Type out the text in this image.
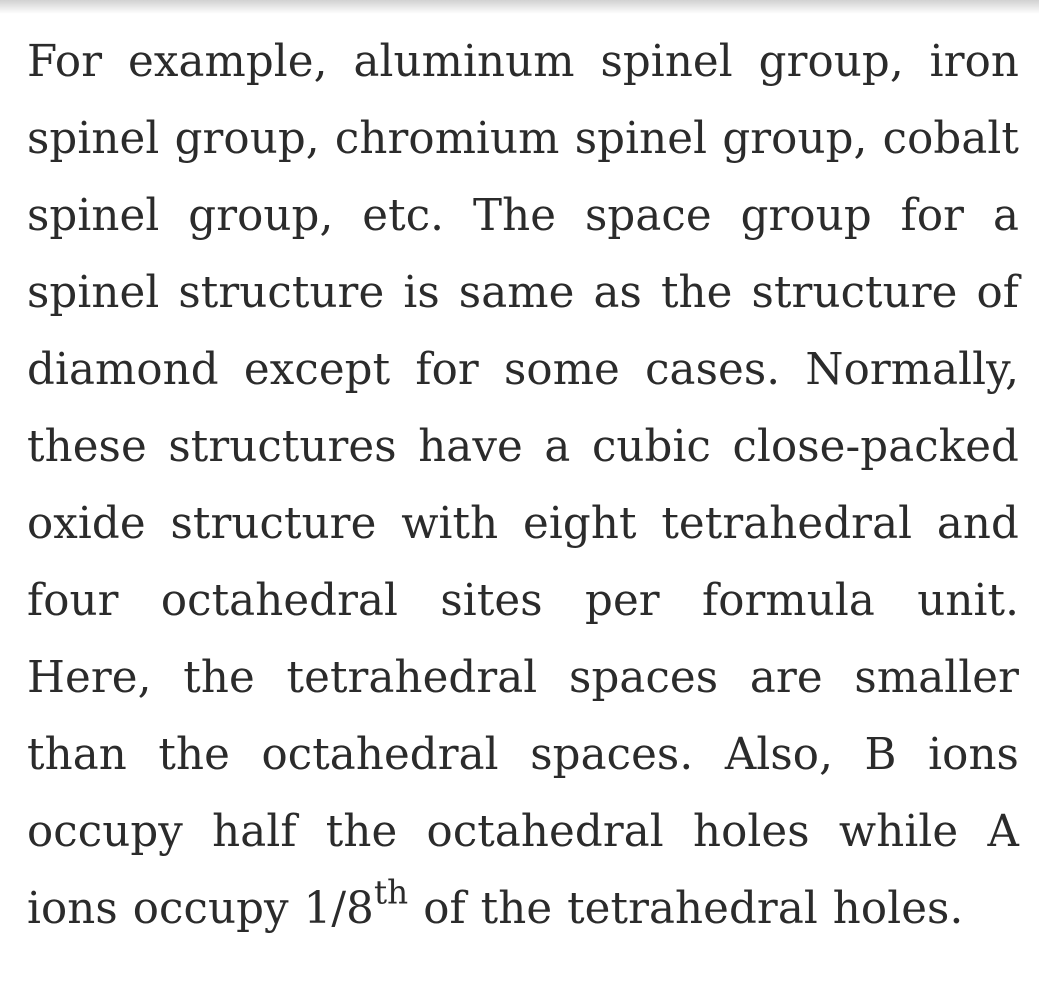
For example, aluminum spinel group, iron spinel group, chromium spinel group, cobalt spinel group, etc. The space group for a spinel structure is same as the structure of diamond except for some cases. Normally, these structures have a cubic close-packed oxide structure with eight tetrahedral and four octahedral sites per formula unit. Here, the tetrahedral spaces are smaller than the octahedral spaces. Also, B ions occupy half the octahedral holes while A ions occupy 1/8th of the tetrahedral holes.
